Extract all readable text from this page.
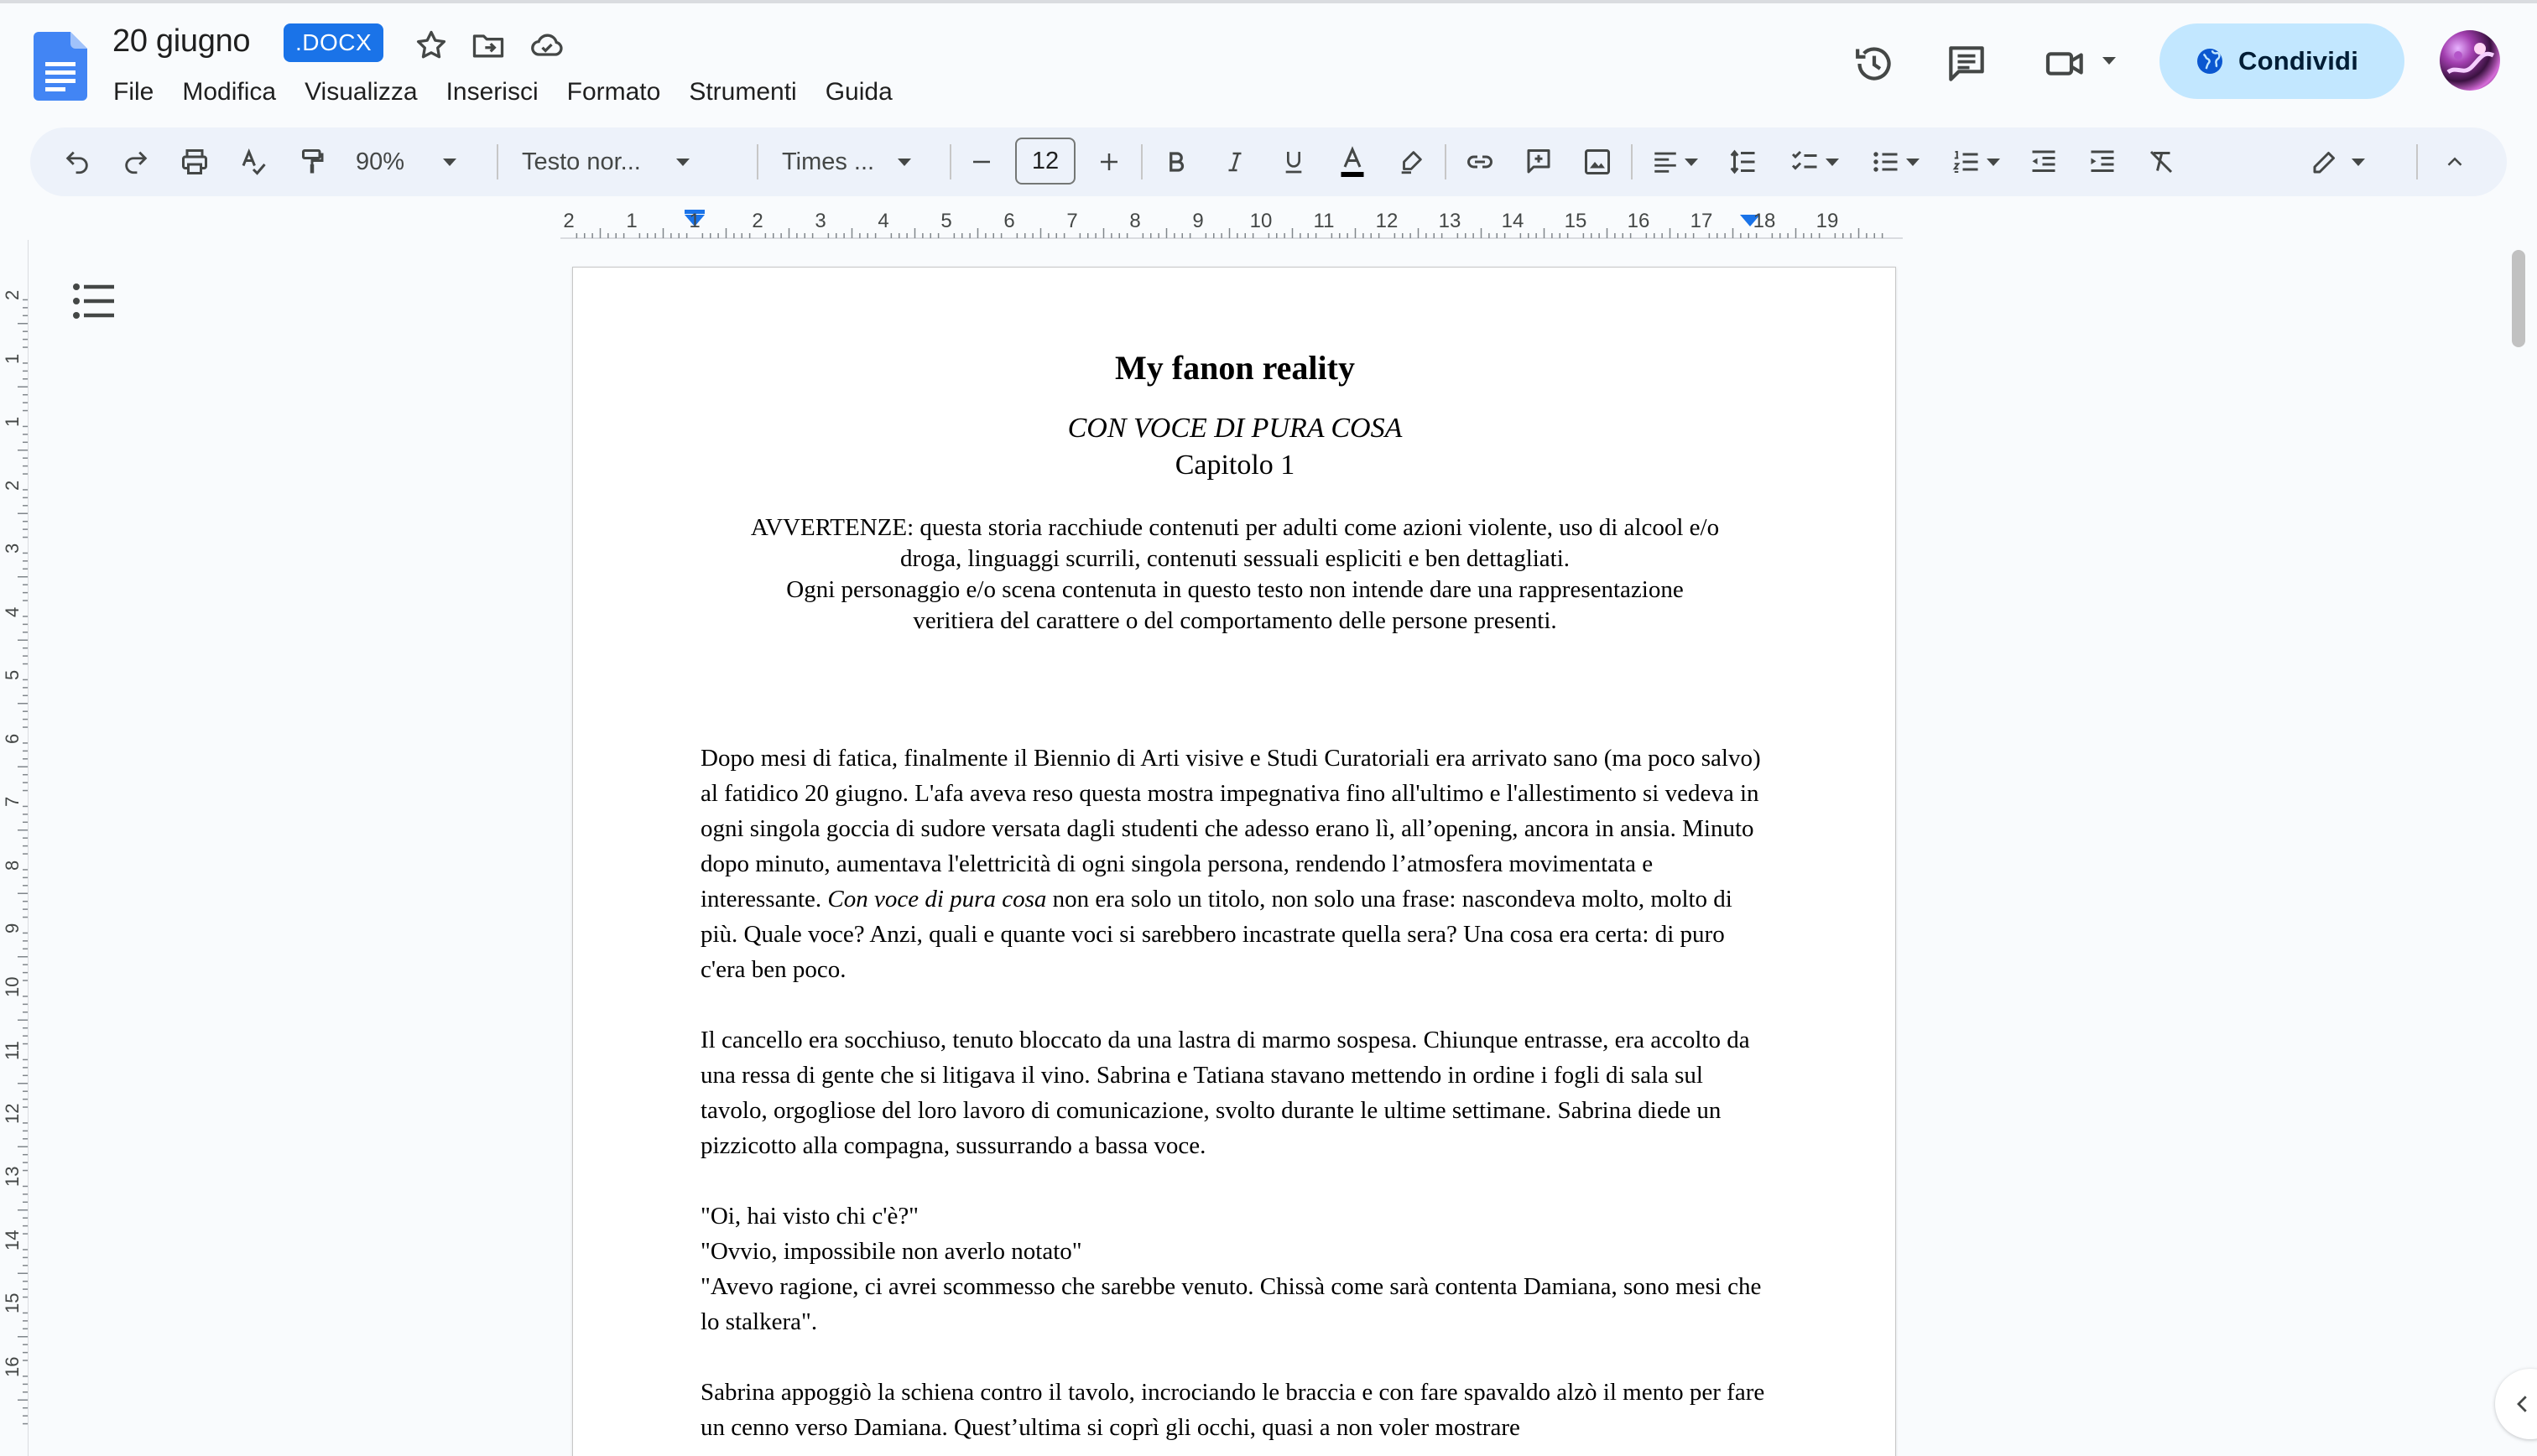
20 giugno	.DOCX
File	Modifica	Visualizza	Inserisci	Formato	Strumenti	Guida
Condividi
90%	Testo nor...	Times ...	12
2	1	1	2	3	4	5	6	7	8	9 10 11 12 13 14 15 16 17 18 19
2
1
1
2
3
4
5
6
7
8
9
10
11
12
13
14
15
16
My fanon reality
CON VOCE DI PURA COSA
Capitolo 1
AVVERTENZE: questa storia racchiude contenuti per adulti come azioni violente, uso di alcool e/o
droga, linguaggi scurrili, contenuti sessuali espliciti e ben dettagliati.
Ogni personaggio e/o scena contenuta in questo testo non intende dare una rappresentazione
veritiera del carattere o del comportamento delle persone presenti.

Dopo mesi di fatica, finalmente il Biennio di Arti visive e Studi Curatoriali era arrivato sano (ma poco salvo) al fatidico 20 giugno. L'afa aveva reso questa mostra impegnativa fino all'ultimo e l'allestimento si vedeva in ogni singola goccia di sudore versata dagli studenti che adesso erano lì, all’opening, ancora in ansia. Minuto dopo minuto, aumentava l'elettricità di ogni singola persona, rendendo l’atmosfera movimentata e interessante. Con voce di pura cosa non era solo un titolo, non solo una frase: nascondeva molto, molto di più. Quale voce? Anzi, quali e quante voci si sarebbero incastrate quella sera? Una cosa era certa: di puro c'era ben poco.

Il cancello era socchiuso, tenuto bloccato da una lastra di marmo sospesa. Chiunque entrasse, era accolto da una ressa di gente che si litigava il vino. Sabrina e Tatiana stavano mettendo in ordine i fogli di sala sul tavolo, orgogliose del loro lavoro di comunicazione, svolto durante le ultime settimane. Sabrina diede un pizzicotto alla compagna, sussurrando a bassa voce.

"Oi, hai visto chi c'è?"

"Ovvio, impossibile non averlo notato"

"Avevo ragione, ci avrei scommesso che sarebbe venuto. Chissà come sarà contenta Damiana, sono mesi che lo stalkera".

Sabrina appoggiò la schiena contro il tavolo, incrociando le braccia e con fare spavaldo alzò il mento per fare un cenno verso Damiana. Quest’ultima si coprì gli occhi, quasi a non voler mostrare
